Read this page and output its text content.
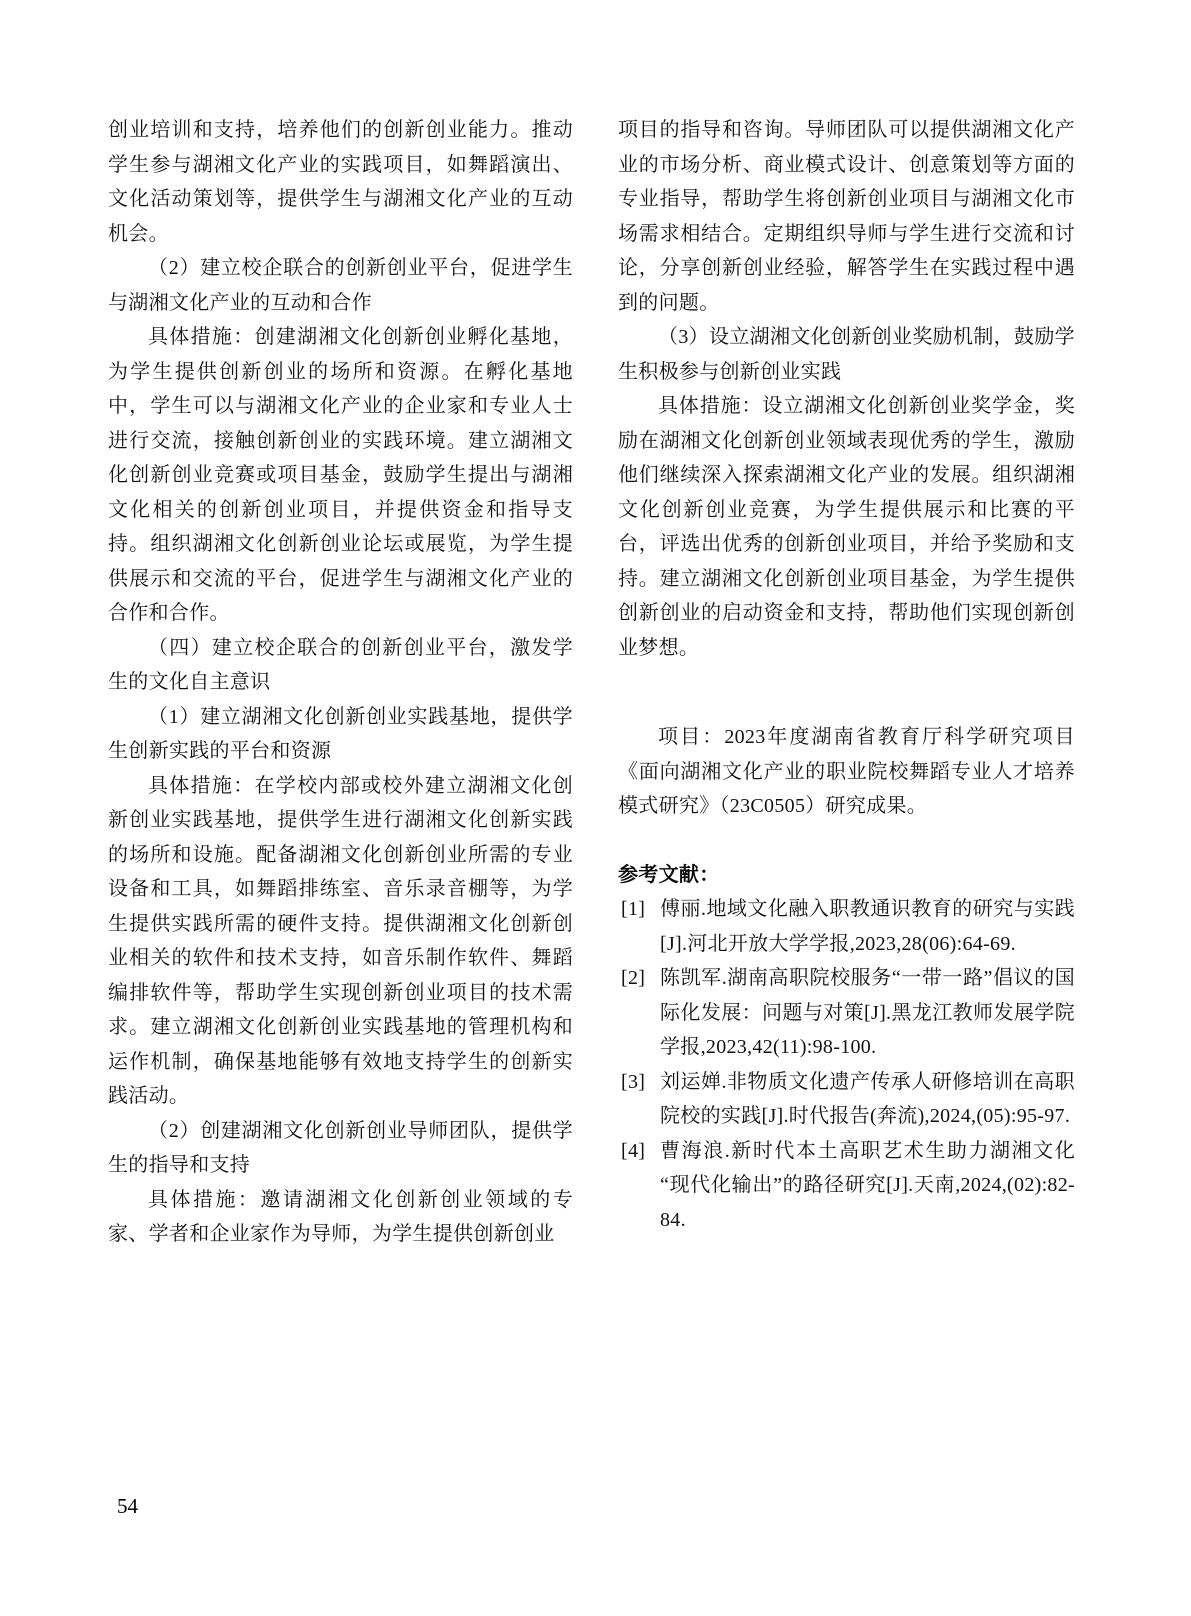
创业培训和支持，培养他们的创新创业能力。推动学生参与湖湘文化产业的实践项目，如舞蹈演出、文化活动策划等，提供学生与湖湘文化产业的互动机会。

（2）建立校企联合的创新创业平台，促进学生与湖湘文化产业的互动和合作

具体措施：创建湖湘文化创新创业孵化基地，为学生提供创新创业的场所和资源。在孵化基地中，学生可以与湖湘文化产业的企业家和专业人士进行交流，接触创新创业的实践环境。建立湖湘文化创新创业竞赛或项目基金，鼓励学生提出与湖湘文化相关的创新创业项目，并提供资金和指导支持。组织湖湘文化创新创业论坛或展览，为学生提供展示和交流的平台，促进学生与湖湘文化产业的合作和合作。

（四）建立校企联合的创新创业平台，激发学生的文化自主意识

（1）建立湖湘文化创新创业实践基地，提供学生创新实践的平台和资源

具体措施：在学校内部或校外建立湖湘文化创新创业实践基地，提供学生进行湖湘文化创新实践的场所和设施。配备湖湘文化创新创业所需的专业设备和工具，如舞蹈排练室、音乐录音棚等，为学生提供实践所需的硬件支持。提供湖湘文化创新创业相关的软件和技术支持，如音乐制作软件、舞蹈编排软件等，帮助学生实现创新创业项目的技术需求。建立湖湘文化创新创业实践基地的管理机构和运作机制，确保基地能够有效地支持学生的创新实践活动。

（2）创建湖湘文化创新创业导师团队，提供学生的指导和支持

具体措施：邀请湖湘文化创新创业领域的专家、学者和企业家作为导师，为学生提供创新创业

项目的指导和咨询。导师团队可以提供湖湘文化产业的市场分析、商业模式设计、创意策划等方面的专业指导，帮助学生将创新创业项目与湖湘文化市场需求相结合。定期组织导师与学生进行交流和讨论，分享创新创业经验，解答学生在实践过程中遇到的问题。

（3）设立湖湘文化创新创业奖励机制，鼓励学生积极参与创新创业实践

具体措施：设立湖湘文化创新创业奖学金，奖励在湖湘文化创新创业领域表现优秀的学生，激励他们继续深入探索湖湘文化产业的发展。组织湖湘文化创新创业竞赛，为学生提供展示和比赛的平台，评选出优秀的创新创业项目，并给予奖励和支持。建立湖湘文化创新创业项目基金，为学生提供创新创业的启动资金和支持，帮助他们实现创新创业梦想。

项目：2023年度湖南省教育厅科学研究项目《面向湖湘文化产业的职业院校舞蹈专业人才培养模式研究》（23C0505）研究成果。

参考文献：
[1] 傅丽.地域文化融入职教通识教育的研究与实践[J].河北开放大学学报,2023,28(06):64-69.
[2] 陈凯军.湖南高职院校服务“一带一路”倡议的国际化发展：问题与对策[J].黑龙江教师发展学院学报,2023,42(11):98-100.
[3] 刘运婵.非物质文化遗产传承人研修培训在高职院校的实践[J].时代报告(奔流),2024,(05):95-97.
[4] 曹海浪.新时代本土高职艺术生助力湖湘文化“现代化输出”的路径研究[J].天南,2024,(02):82-84.
54
